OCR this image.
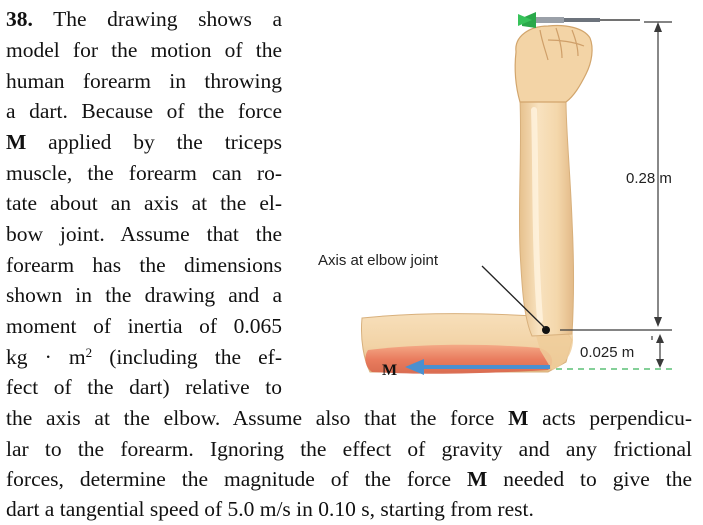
38. The drawing shows a
model for the motion of the
human forearm in throwing
a dart. Because of the force
M applied by the triceps
muscle, the forearm can ro-
tate about an axis at the el-
bow joint. Assume that the
forearm has the dimensions
shown in the drawing and a
moment of inertia of 0.065
kg · $m^2$ (including the ef-
fect of the dart) relative to
the axis at the elbow. Assume also that the force M acts perpendicu-
lar to the forearm. Ignoring the effect of gravity and any frictional
forces, determine the magnitude of the force M needed to give the
dart a tangential speed of 5.0 m/s in 0.10 s, starting from rest.
M
0.28 m
0.025 m
Axis at elbow joint
